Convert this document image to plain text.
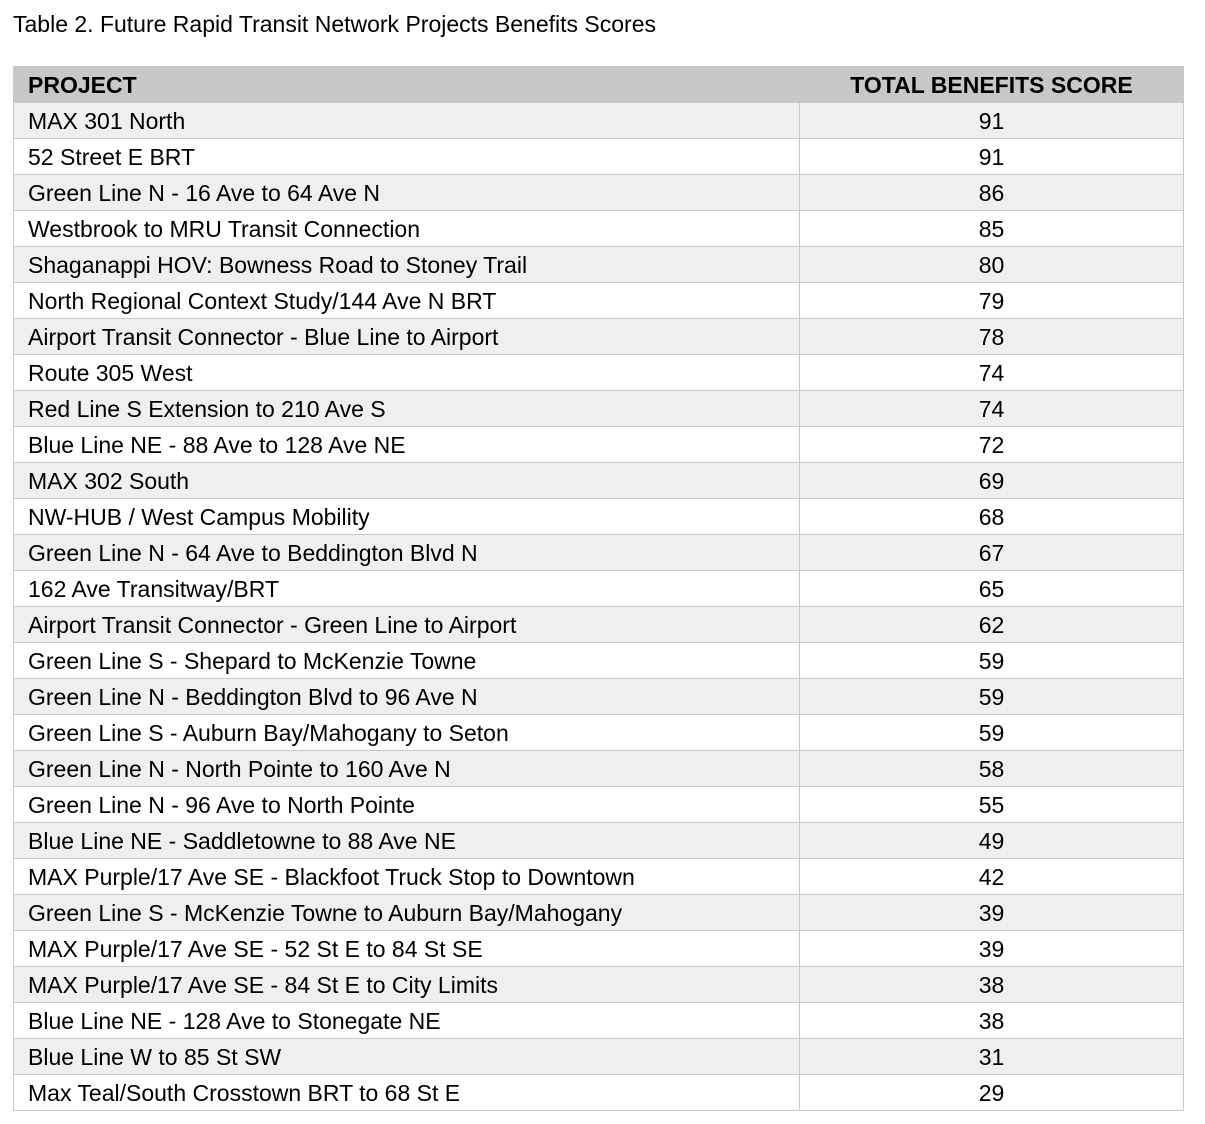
Table 2. Future Rapid Transit Network Projects Benefits Scores
PROJECT	TOTAL BENEFITS SCORE
MAX 301 North	91
52 Street E BRT	91
Green Line N - 16 Ave to 64 Ave N	86
Westbrook to MRU Transit Connection	85
Shaganappi HOV: Bowness Road to Stoney Trail	80
North Regional Context Study/144 Ave N BRT	79
Airport Transit Connector - Blue Line to Airport	78
Route 305 West	74
Red Line S Extension to 210 Ave S	74
Blue Line NE - 88 Ave to 128 Ave NE	72
MAX 302 South	69
NW-HUB / West Campus Mobility	68
Green Line N - 64 Ave to Beddington Blvd N	67
162 Ave Transitway/BRT	65
Airport Transit Connector - Green Line to Airport	62
Green Line S - Shepard to McKenzie Towne	59
Green Line N - Beddington Blvd to 96 Ave N	59
Green Line S - Auburn Bay/Mahogany to Seton	59
Green Line N - North Pointe to 160 Ave N	58
Green Line N - 96 Ave to North Pointe	55
Blue Line NE - Saddletowne to 88 Ave NE	49
MAX Purple/17 Ave SE - Blackfoot Truck Stop to Downtown	42
Green Line S - McKenzie Towne to Auburn Bay/Mahogany	39
MAX Purple/17 Ave SE - 52 St E to 84 St SE	39
MAX Purple/17 Ave SE - 84 St E to City Limits	38
Blue Line NE - 128 Ave to Stonegate NE	38
Blue Line W to 85 St SW	31
Max Teal/South Crosstown BRT to 68 St E	29
